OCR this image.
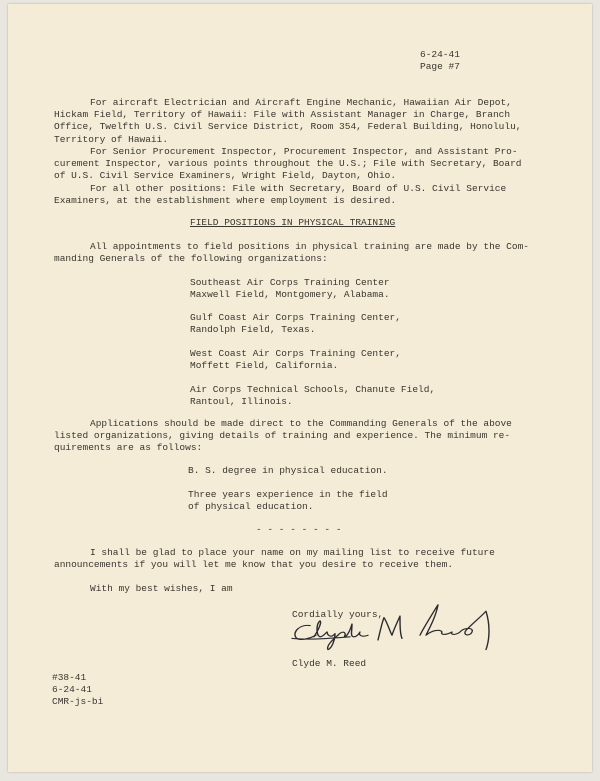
6-24-41
Page #7
For aircraft Electrician and Aircraft Engine Mechanic, Hawaiian Air Depot,
Hickam Field, Territory of Hawaii: File with Assistant Manager in Charge, Branch
Office, Twelfth U.S. Civil Service District, Room 354, Federal Building, Honolulu,
Territory of Hawaii.
For Senior Procurement Inspector, Procurement Inspector, and Assistant Pro-
curement Inspector, various points throughout the U.S.; File with Secretary, Board
of U.S. Civil Service Examiners, Wright Field, Dayton, Ohio.
For all other positions: File with Secretary, Board of U.S. Civil Service
Examiners, at the establishment where employment is desired.
FIELD POSITIONS IN PHYSICAL TRAINING
All appointments to field positions in physical training are made by the Com-
manding Generals of the following organizations:
Southeast Air Corps Training Center
Maxwell Field, Montgomery, Alabama.
Gulf Coast Air Corps Training Center,
Randolph Field, Texas.
West Coast Air Corps Training Center,
Moffett Field, California.
Air Corps Technical Schools, Chanute Field,
Rantoul, Illinois.
Applications should be made direct to the Commanding Generals of the above
listed organizations, giving details of training and experience. The minimum re-
quirements are as follows:
B. S. degree in physical education.
Three years experience in the field
of physical education.
- - - - - - - -
I shall be glad to place your name on my mailing list to receive future
announcements if you will let me know that you desire to receive them.
With my best wishes, I am
Cordially yours,
Clyde M. Reed
#38-41
6-24-41
CMR-js-bi
